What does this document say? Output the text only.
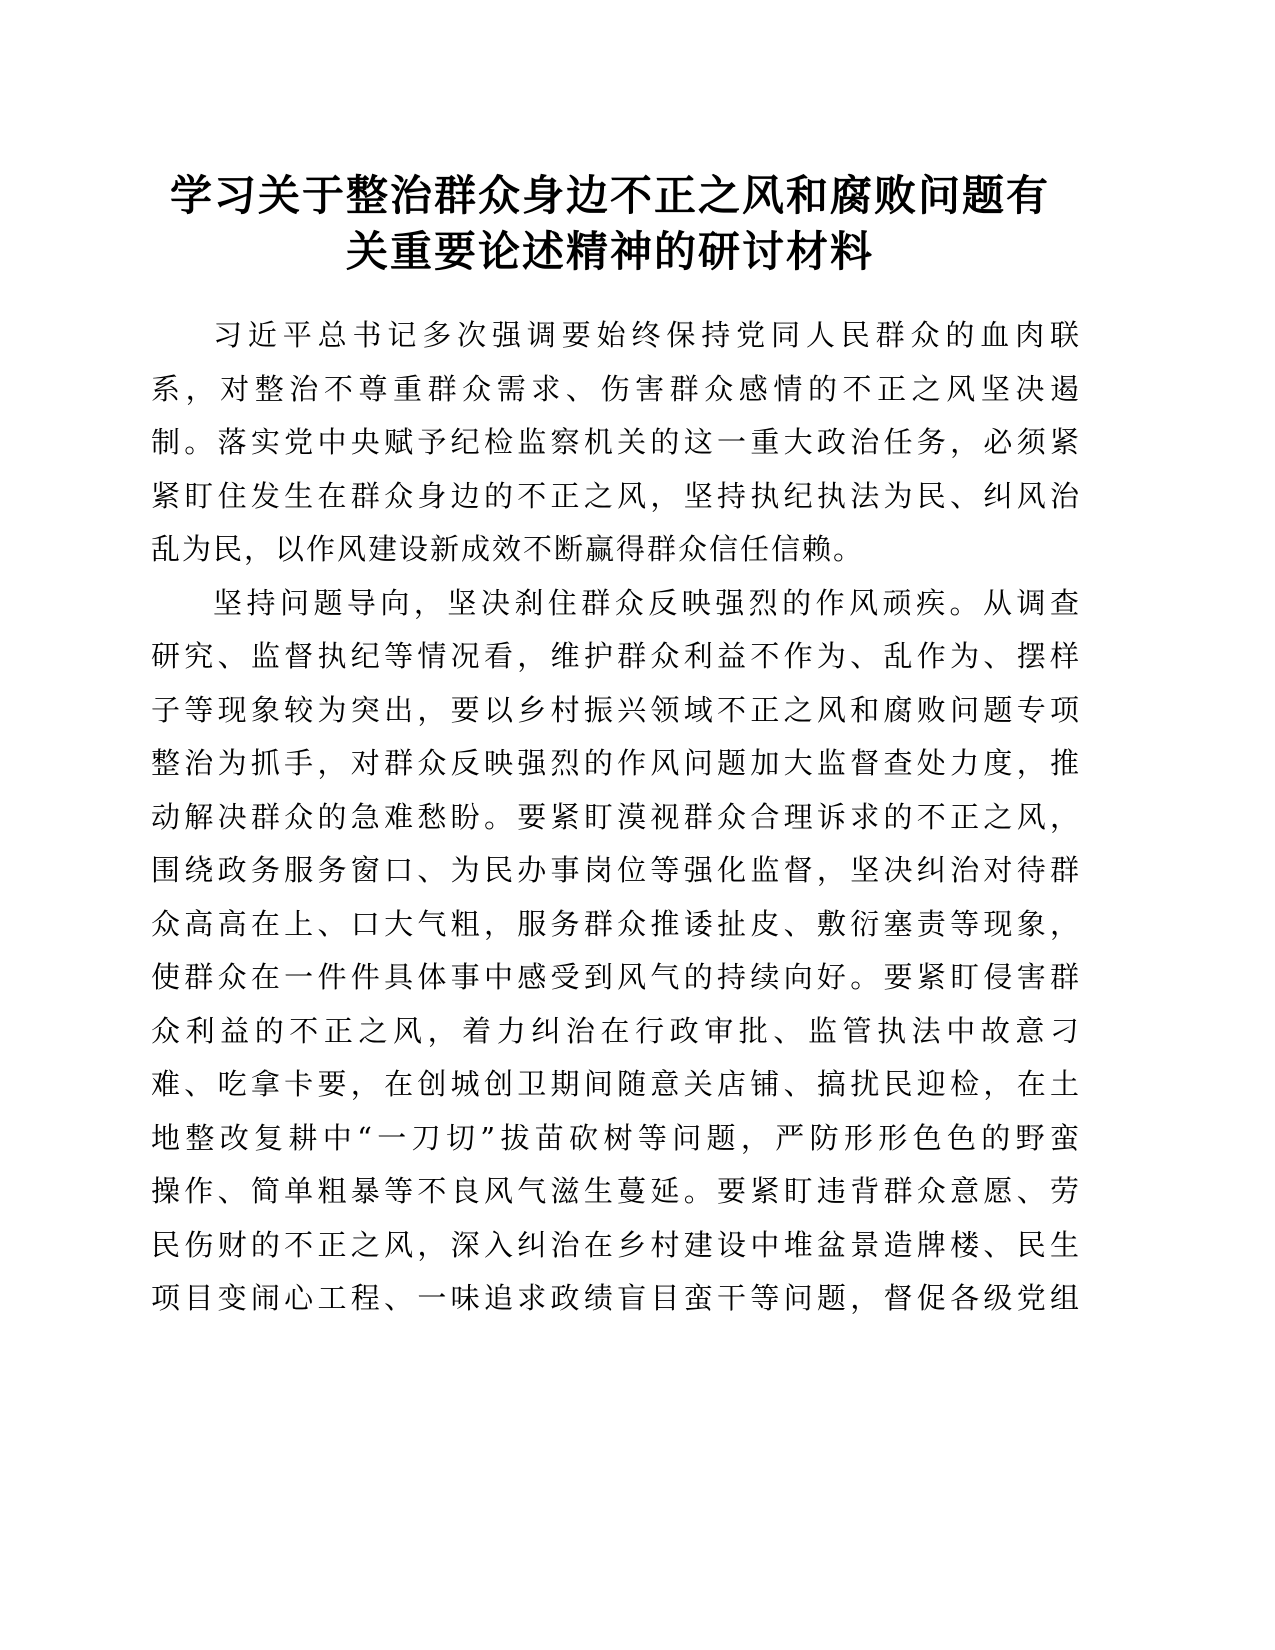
学习关于整治群众身边不正之风和腐败问题有
关重要论述精神的研讨材料
习近平总书记多次强调要始终保持党同人民群众的血肉联
系，对整治不尊重群众需求、伤害群众感情的不正之风坚决遏
制。落实党中央赋予纪检监察机关的这一重大政治任务，必须紧
紧盯住发生在群众身边的不正之风，坚持执纪执法为民、纠风治
乱为民，以作风建设新成效不断赢得群众信任信赖。
坚持问题导向，坚决刹住群众反映强烈的作风顽疾。从调查
研究、监督执纪等情况看，维护群众利益不作为、乱作为、摆样
子等现象较为突出，要以乡村振兴领域不正之风和腐败问题专项
整治为抓手，对群众反映强烈的作风问题加大监督查处力度，推
动解决群众的急难愁盼。要紧盯漠视群众合理诉求的不正之风，
围绕政务服务窗口、为民办事岗位等强化监督，坚决纠治对待群
众高高在上、口大气粗，服务群众推诿扯皮、敷衍塞责等现象，
使群众在一件件具体事中感受到风气的持续向好。要紧盯侵害群
众利益的不正之风，着力纠治在行政审批、监管执法中故意刁
难、吃拿卡要，在创城创卫期间随意关店铺、搞扰民迎检，在土
地整改复耕中“一刀切”拔苗砍树等问题，严防形形色色的野蛮
操作、简单粗暴等不良风气滋生蔓延。要紧盯违背群众意愿、劳
民伤财的不正之风，深入纠治在乡村建设中堆盆景造牌楼、民生
项目变闹心工程、一味追求政绩盲目蛮干等问题，督促各级党组
